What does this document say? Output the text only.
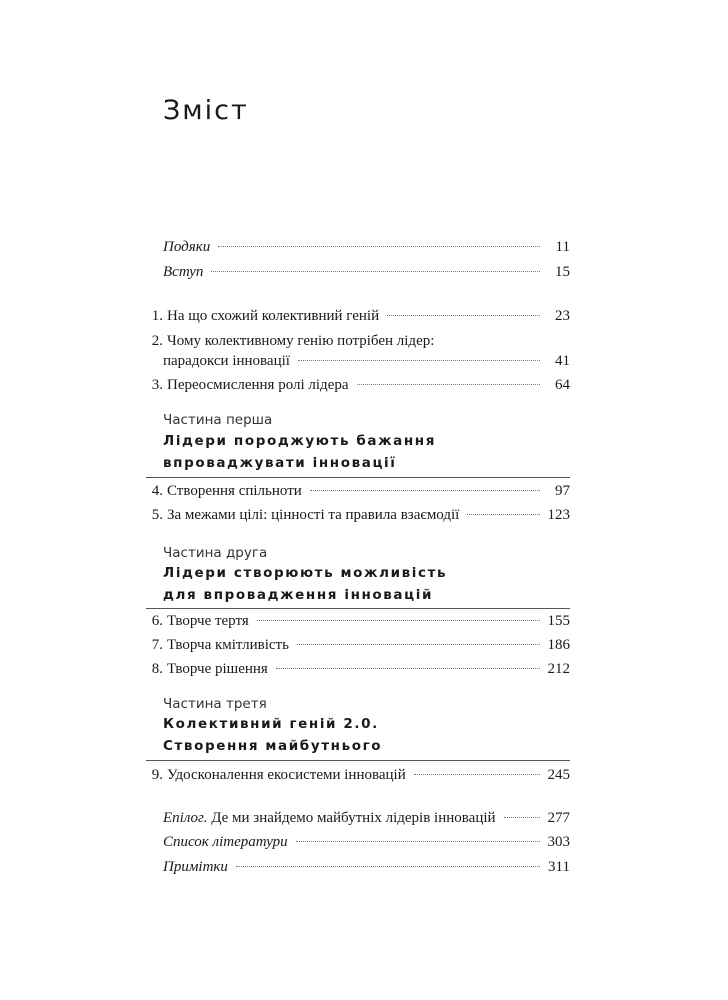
Зміст
Подяки	11
Вступ	15
1. На що схожий колективний геній	23
2. Чому колективному генію потрібен лідер:
парадокси інновації	41
3. Переосмислення ролі лідера	64
Частина перша
Лідери породжують бажання
впроваджувати інновації
4. Створення спільноти	97
5. За межами цілі: цінності та правила взаємодії	123
Частина друга
Лідери створюють можливість
для впровадження інновацій
6. Творче тертя	155
7. Творча кмітливість	186
8. Творче рішення	212
Частина третя
Колективний геній 2.0.
Створення майбутнього
9. Удосконалення екосистеми інновацій	245
Епілог. Де ми знайдемо майбутніх лідерів інновацій	277
Список літератури	303
Примітки	311
